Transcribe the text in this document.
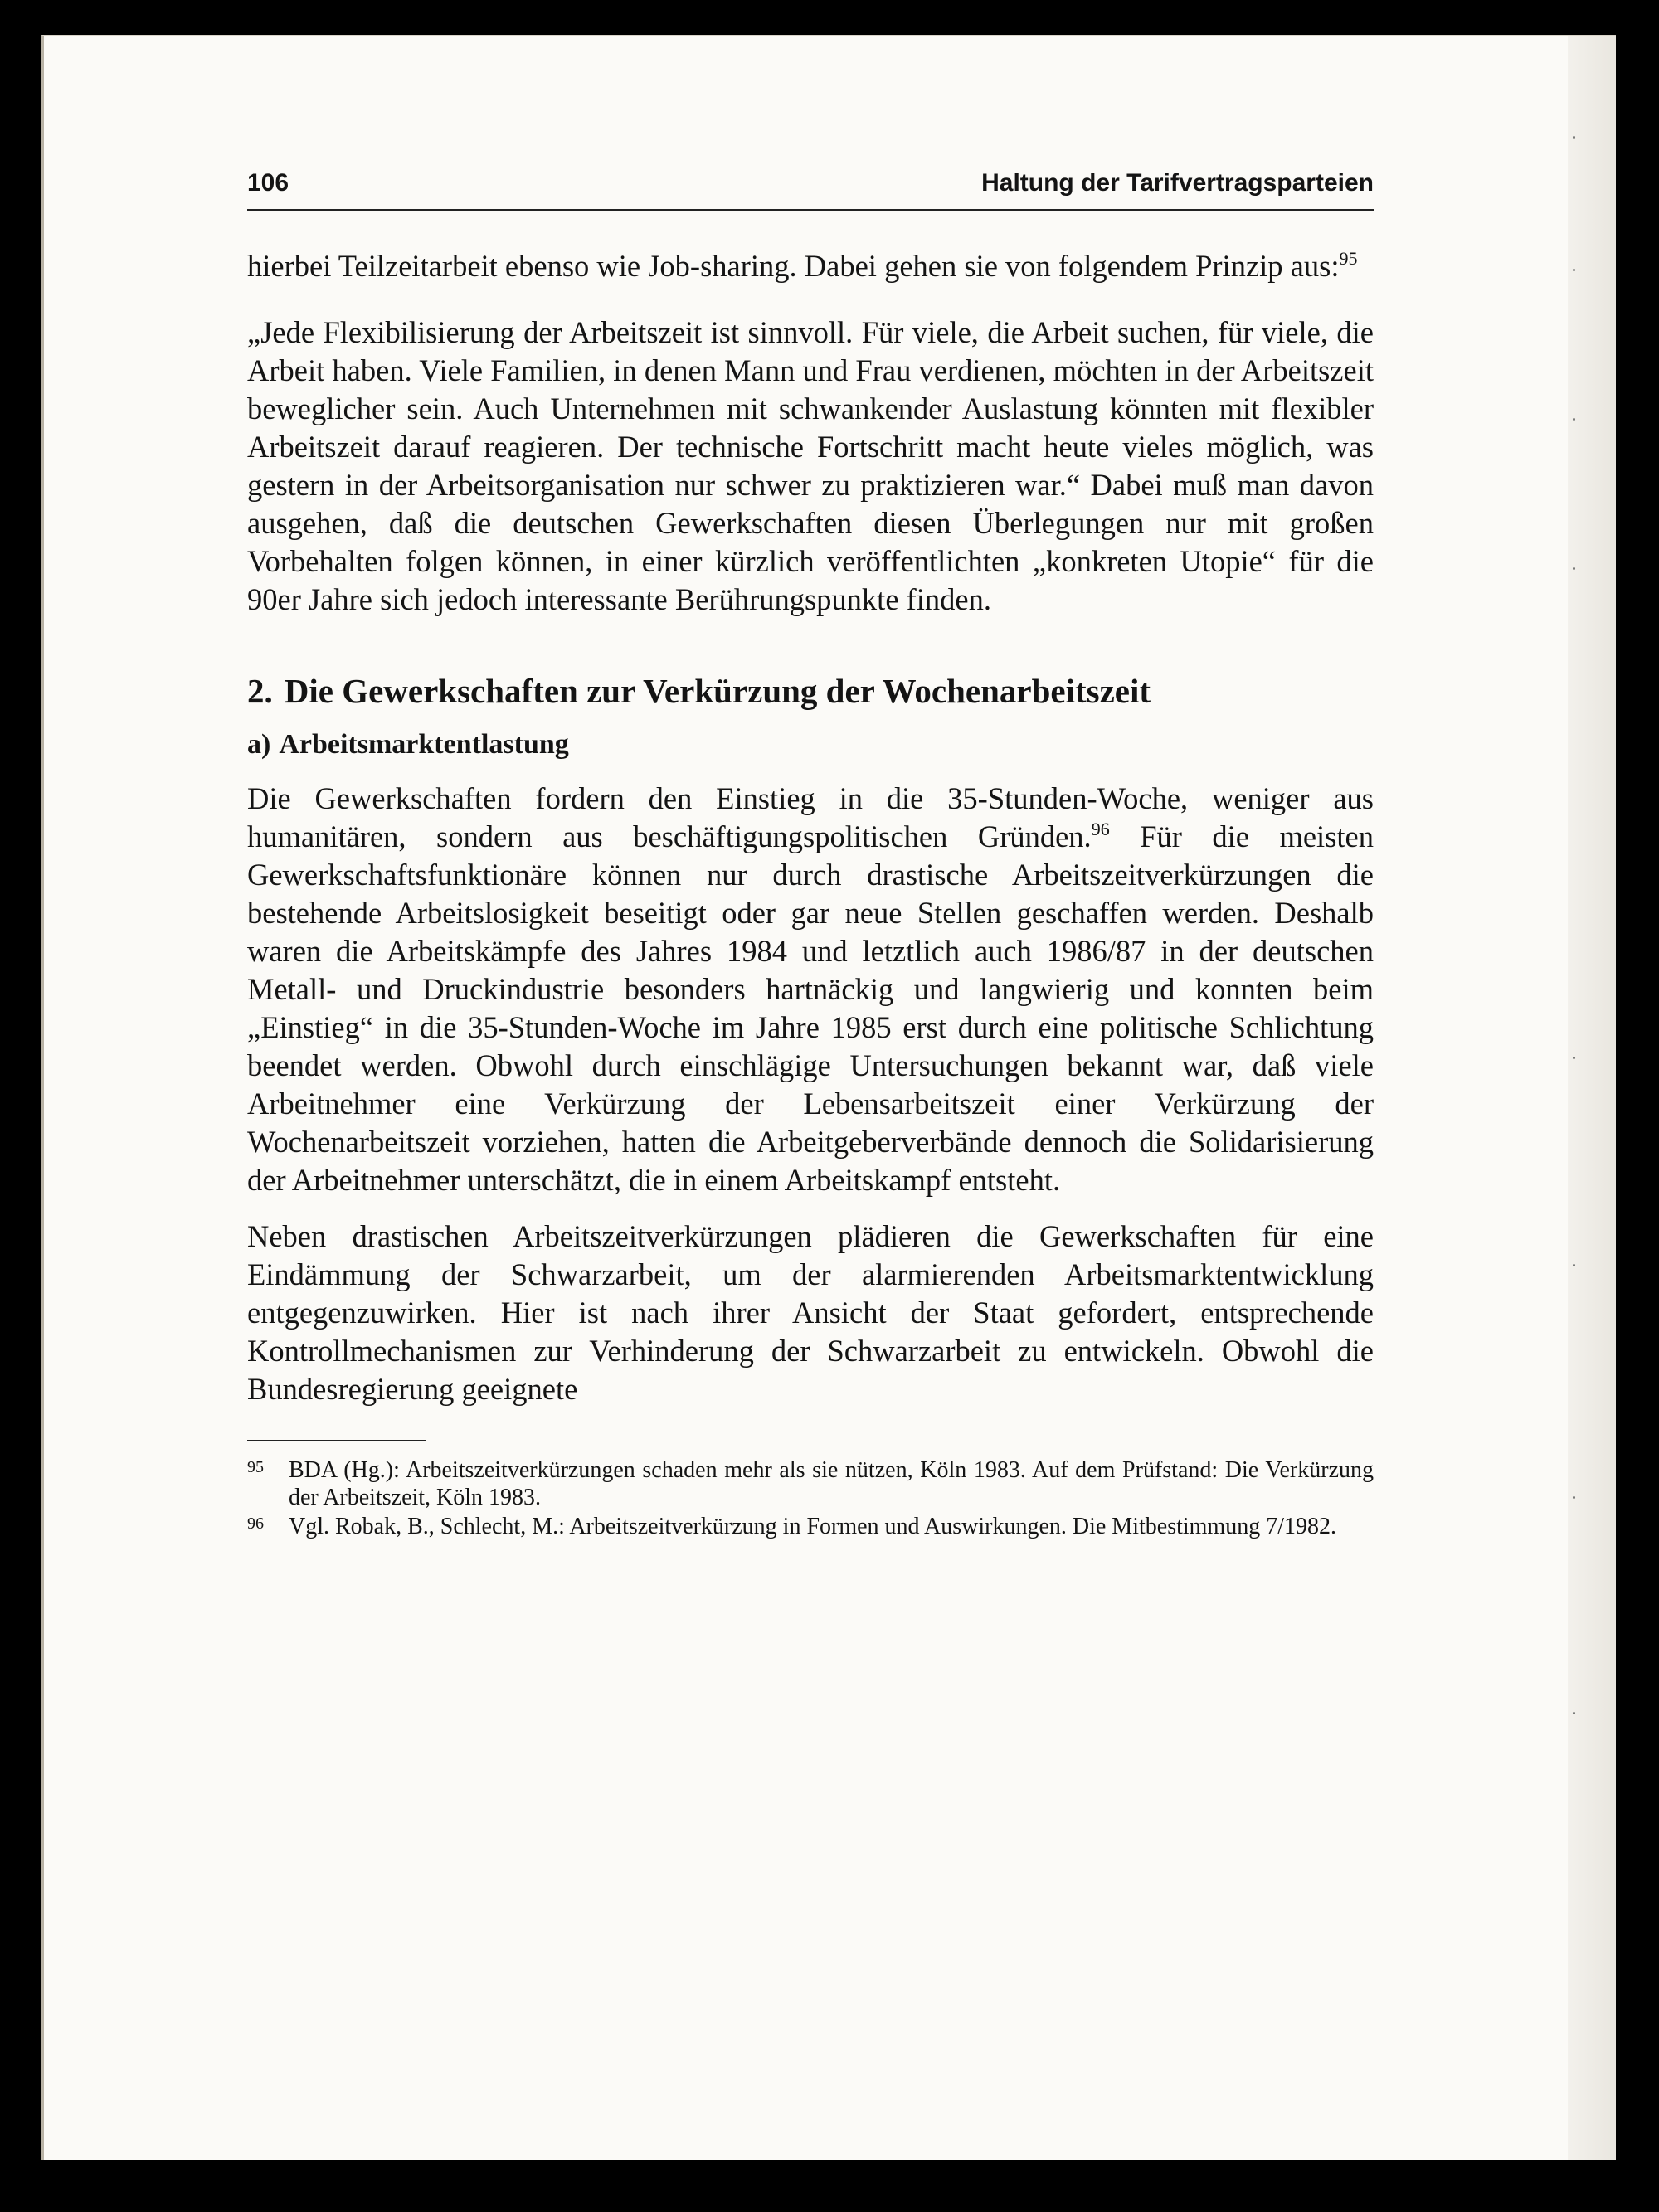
106	Haltung der Tarifvertragsparteien

hierbei Teilzeitarbeit ebenso wie Job-sharing. Dabei gehen sie von folgendem Prinzip aus:$^{95}$

„Jede Flexibilisierung der Arbeitszeit ist sinnvoll. Für viele, die Arbeit suchen, für viele, die Arbeit haben. Viele Familien, in denen Mann und Frau verdienen, möchten in der Arbeitszeit beweglicher sein. Auch Unternehmen mit schwankender Auslastung könnten mit flexibler Arbeitszeit darauf reagieren. Der technische Fortschritt macht heute vieles möglich, was gestern in der Arbeitsorganisation nur schwer zu praktizieren war.“ Dabei muß man davon ausgehen, daß die deutschen Gewerkschaften diesen Überlegungen nur mit großen Vorbehalten folgen können, in einer kürzlich veröffentlichten „konkreten Utopie“ für die 90er Jahre sich jedoch interessante Berührungspunkte finden.

2. Die Gewerkschaften zur Verkürzung der Wochenarbeitszeit
a) Arbeitsmarktentlastung

Die Gewerkschaften fordern den Einstieg in die 35-Stunden-Woche, weniger aus humanitären, sondern aus beschäftigungspolitischen Gründen.$^{96}$ Für die meisten Gewerkschaftsfunktionäre können nur durch drastische Arbeitszeitverkürzungen die bestehende Arbeitslosigkeit beseitigt oder gar neue Stellen geschaffen werden. Deshalb waren die Arbeitskämpfe des Jahres 1984 und letztlich auch 1986/87 in der deutschen Metall- und Druckindustrie besonders hartnäckig und langwierig und konnten beim „Einstieg“ in die 35-Stunden-Woche im Jahre 1985 erst durch eine politische Schlichtung beendet werden. Obwohl durch einschlägige Untersuchungen bekannt war, daß viele Arbeitnehmer eine Verkürzung der Lebensarbeitszeit einer Verkürzung der Wochenarbeitszeit vorziehen, hatten die Arbeitgeberverbände dennoch die Solidarisierung der Arbeitnehmer unterschätzt, die in einem Arbeitskampf entsteht.

Neben drastischen Arbeitszeitverkürzungen plädieren die Gewerkschaften für eine Eindämmung der Schwarzarbeit, um der alarmierenden Arbeitsmarktentwicklung entgegenzuwirken. Hier ist nach ihrer Ansicht der Staat gefordert, entsprechende Kontrollmechanismen zur Verhinderung der Schwarzarbeit zu entwickeln. Obwohl die Bundesregierung geeignete

95	BDA (Hg.): Arbeitszeitverkürzungen schaden mehr als sie nützen, Köln 1983. Auf dem Prüfstand: Die Verkürzung der Arbeitszeit, Köln 1983.
96	Vgl. Robak, B., Schlecht, M.: Arbeitszeitverkürzung in Formen und Auswirkungen. Die Mitbestimmung 7/1982.
